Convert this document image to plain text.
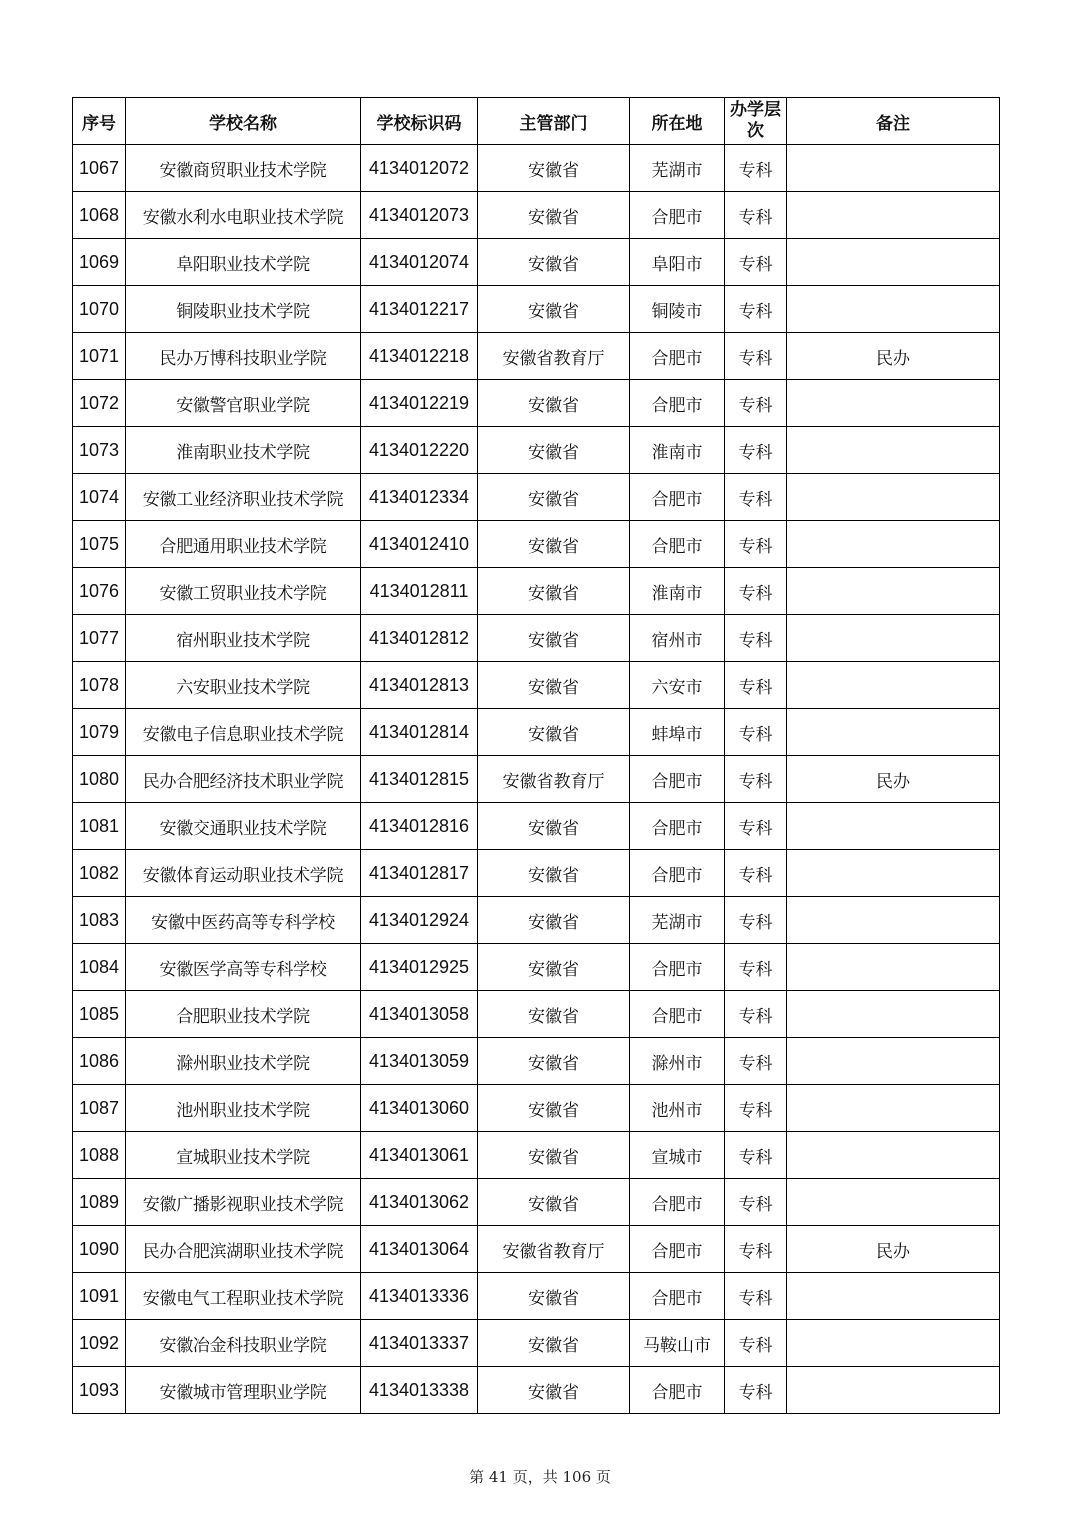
序号	学校名称	学校标识码	主管部门	所在地	办学层次	备注
1067	安徽商贸职业技术学院	4134012072	安徽省	芜湖市	专科	
1068	安徽水利水电职业技术学院	4134012073	安徽省	合肥市	专科	
1069	阜阳职业技术学院	4134012074	安徽省	阜阳市	专科	
1070	铜陵职业技术学院	4134012217	安徽省	铜陵市	专科	
1071	民办万博科技职业学院	4134012218	安徽省教育厅	合肥市	专科	民办
1072	安徽警官职业学院	4134012219	安徽省	合肥市	专科	
1073	淮南职业技术学院	4134012220	安徽省	淮南市	专科	
1074	安徽工业经济职业技术学院	4134012334	安徽省	合肥市	专科	
1075	合肥通用职业技术学院	4134012410	安徽省	合肥市	专科	
1076	安徽工贸职业技术学院	4134012811	安徽省	淮南市	专科	
1077	宿州职业技术学院	4134012812	安徽省	宿州市	专科	
1078	六安职业技术学院	4134012813	安徽省	六安市	专科	
1079	安徽电子信息职业技术学院	4134012814	安徽省	蚌埠市	专科	
1080	民办合肥经济技术职业学院	4134012815	安徽省教育厅	合肥市	专科	民办
1081	安徽交通职业技术学院	4134012816	安徽省	合肥市	专科	
1082	安徽体育运动职业技术学院	4134012817	安徽省	合肥市	专科	
1083	安徽中医药高等专科学校	4134012924	安徽省	芜湖市	专科	
1084	安徽医学高等专科学校	4134012925	安徽省	合肥市	专科	
1085	合肥职业技术学院	4134013058	安徽省	合肥市	专科	
1086	滁州职业技术学院	4134013059	安徽省	滁州市	专科	
1087	池州职业技术学院	4134013060	安徽省	池州市	专科	
1088	宣城职业技术学院	4134013061	安徽省	宣城市	专科	
1089	安徽广播影视职业技术学院	4134013062	安徽省	合肥市	专科	
1090	民办合肥滨湖职业技术学院	4134013064	安徽省教育厅	合肥市	专科	民办
1091	安徽电气工程职业技术学院	4134013336	安徽省	合肥市	专科	
1092	安徽冶金科技职业学院	4134013337	安徽省	马鞍山市	专科	
1093	安徽城市管理职业学院	4134013338	安徽省	合肥市	专科	
第 41 页，共 106 页
